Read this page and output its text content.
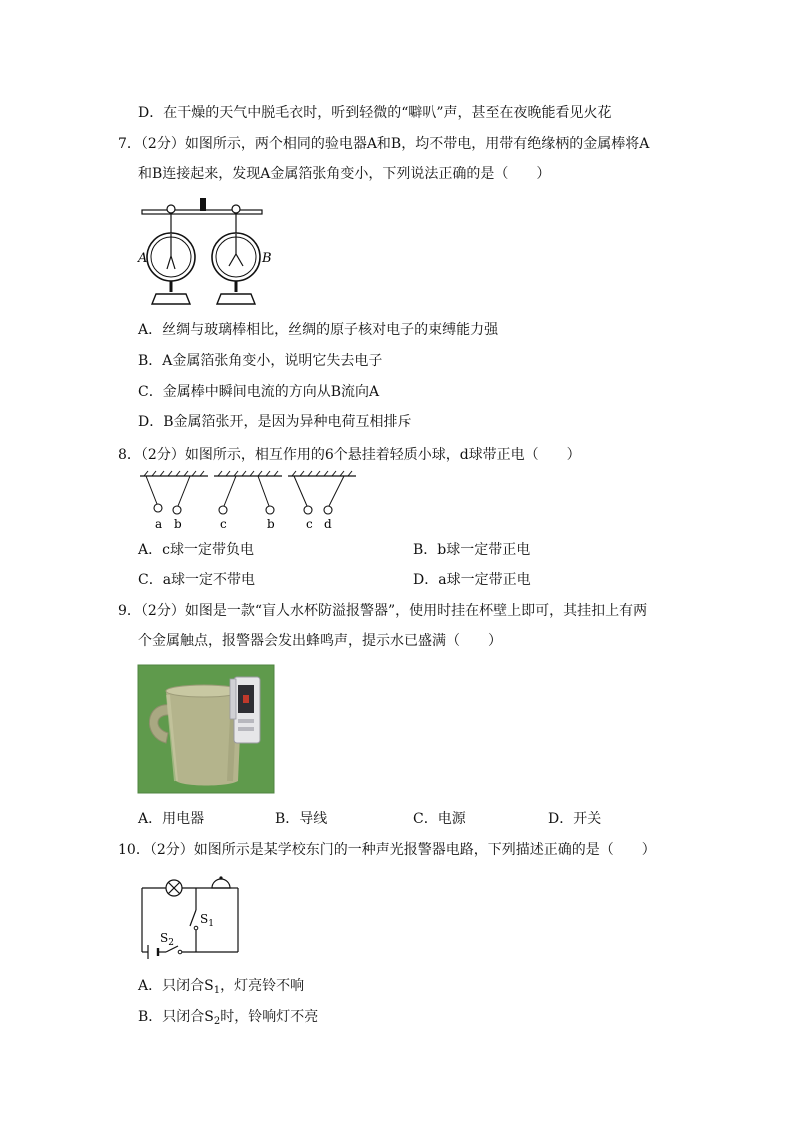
D．在干燥的天气中脱毛衣时，听到轻微的“噼叭”声，甚至在夜晚能看见火花
7．（2分）如图所示，两个相同的验电器A和B，均不带电，用带有绝缘柄的金属棒将A
和B连接起来，发现A金属箔张角变小，下列说法正确的是（　　）
A	B
A．丝绸与玻璃棒相比，丝绸的原子核对电子的束缚能力强
B．A金属箔张角变小，说明它失去电子
C．金属棒中瞬间电流的方向从B流向A
D．B金属箔张开，是因为异种电荷互相排斥
8．（2分）如图所示，相互作用的6个悬挂着轻质小球，d球带正电（　　）
a b	c	b	c d
A．c球一定带负电	B．b球一定带正电
C．a球一定不带电	D．a球一定带正电
9．（2分）如图是一款“盲人水杯防溢报警器”，使用时挂在杯壁上即可，其挂扣上有两
个金属触点，报警器会发出蜂鸣声，提示水已盛满（　　）
A．用电器	B．导线	C．电源	D．开关
10．（2分）如图所示是某学校东门的一种声光报警器电路，下列描述正确的是（　　）
$S_1$
$S_2$
A．只闭合$S_1$，灯亮铃不响
B．只闭合$S_2$时，铃响灯不亮
